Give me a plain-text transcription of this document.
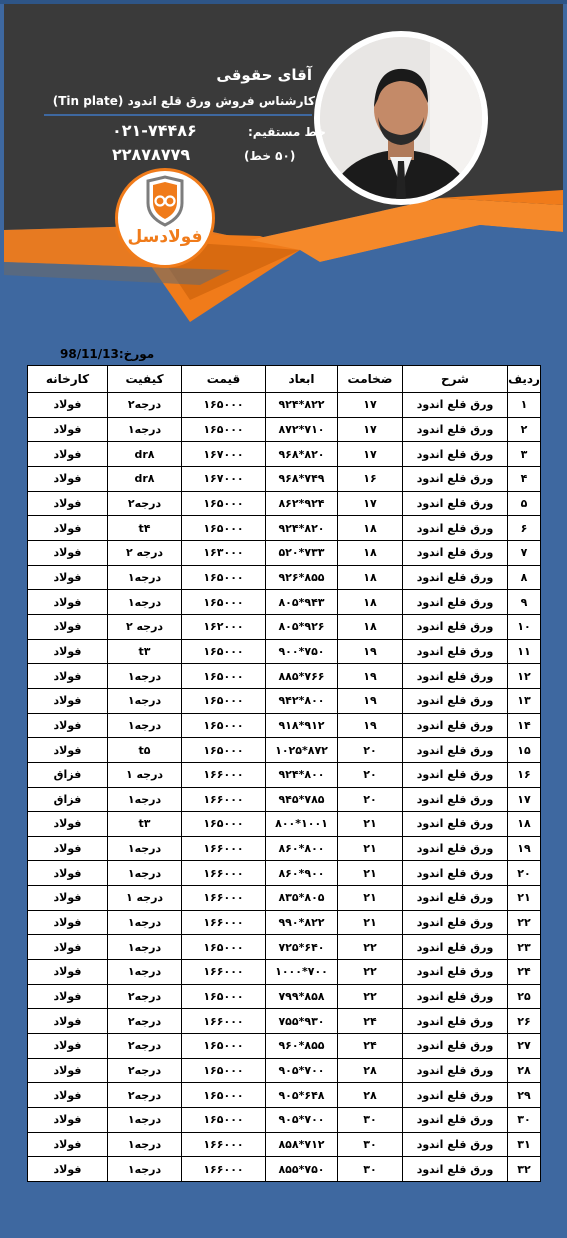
آقای حقوقی
کارشناس فروش ورق قلع اندود (Tin plate)
خط مستقیم:
۰۲۱-۷۴۴۸۶
۲۲۸۷۸۷۷۹	(۵۰ خط)
فولادسل
مورخ:98/11/13
ردیف	شرح	ضخامت	ابعاد	قیمت	کیفیت	کارخانه
۱	ورق قلع اندود	۱۷	۸۲۲*۹۲۴	۱۶۵۰۰۰	درجه۲	فولاد
۲	ورق قلع اندود	۱۷	۷۱۰*۸۷۲	۱۶۵۰۰۰	درجه۱	فولاد
۳	ورق قلع اندود	۱۷	۸۲۰*۹۶۸	۱۶۷۰۰۰	dr۸	فولاد
۴	ورق قلع اندود	۱۶	۷۴۹*۹۶۸	۱۶۷۰۰۰	dr۸	فولاد
۵	ورق قلع اندود	۱۷	۹۲۴*۸۶۲	۱۶۵۰۰۰	درجه۲	فولاد
۶	ورق قلع اندود	۱۸	۸۲۰*۹۲۴	۱۶۵۰۰۰	t۴	فولاد
۷	ورق قلع اندود	۱۸	۷۳۳*۵۲۰	۱۶۳۰۰۰	درجه ۲	فولاد
۸	ورق قلع اندود	۱۸	۸۵۵*۹۲۶	۱۶۵۰۰۰	درجه۱	فولاد
۹	ورق قلع اندود	۱۸	۹۴۳*۸۰۵	۱۶۵۰۰۰	درجه۱	فولاد
۱۰	ورق قلع اندود	۱۸	۹۲۶*۸۰۵	۱۶۲۰۰۰	درجه ۲	فولاد
۱۱	ورق قلع اندود	۱۹	۷۵۰*۹۰۰	۱۶۵۰۰۰	t۳	فولاد
۱۲	ورق قلع اندود	۱۹	۷۶۶*۸۸۵	۱۶۵۰۰۰	درجه۱	فولاد
۱۳	ورق قلع اندود	۱۹	۸۰۰*۹۴۲	۱۶۵۰۰۰	درجه۱	فولاد
۱۴	ورق قلع اندود	۱۹	۹۱۲*۹۱۸	۱۶۵۰۰۰	درجه۱	فولاد
۱۵	ورق قلع اندود	۲۰	۸۷۲*۱۰۲۵	۱۶۵۰۰۰	t۵	فولاد
۱۶	ورق قلع اندود	۲۰	۸۰۰*۹۲۴	۱۶۶۰۰۰	درجه ۱	فزاق
۱۷	ورق قلع اندود	۲۰	۷۸۵*۹۴۵	۱۶۶۰۰۰	درجه۱	فزاق
۱۸	ورق قلع اندود	۲۱	۱۰۰۱*۸۰۰	۱۶۵۰۰۰	t۳	فولاد
۱۹	ورق قلع اندود	۲۱	۸۰۰*۸۶۰	۱۶۶۰۰۰	درجه۱	فولاد
۲۰	ورق قلع اندود	۲۱	۹۰۰*۸۶۰	۱۶۶۰۰۰	درجه۱	فولاد
۲۱	ورق قلع اندود	۲۱	۸۰۵*۸۳۵	۱۶۶۰۰۰	درجه ۱	فولاد
۲۲	ورق قلع اندود	۲۱	۸۲۲*۹۹۰	۱۶۶۰۰۰	درجه۱	فولاد
۲۳	ورق قلع اندود	۲۲	۶۴۰*۷۲۵	۱۶۵۰۰۰	درجه۱	فولاد
۲۴	ورق قلع اندود	۲۲	۷۰۰*۱۰۰۰	۱۶۶۰۰۰	درجه۱	فولاد
۲۵	ورق قلع اندود	۲۲	۸۵۸*۷۹۹	۱۶۵۰۰۰	درجه۲	فولاد
۲۶	ورق قلع اندود	۲۴	۹۳۰*۷۵۵	۱۶۶۰۰۰	درجه۲	فولاد
۲۷	ورق قلع اندود	۲۴	۸۵۵*۹۶۰	۱۶۵۰۰۰	درجه۲	فولاد
۲۸	ورق قلع اندود	۲۸	۷۰۰*۹۰۵	۱۶۵۰۰۰	درجه۲	فولاد
۲۹	ورق قلع اندود	۲۸	۶۴۸*۹۰۵	۱۶۵۰۰۰	درجه۲	فولاد
۳۰	ورق قلع اندود	۳۰	۷۰۰*۹۰۵	۱۶۵۰۰۰	درجه۱	فولاد
۳۱	ورق قلع اندود	۳۰	۷۱۲*۸۵۸	۱۶۶۰۰۰	درجه۱	فولاد
۳۲	ورق قلع اندود	۳۰	۷۵۰*۸۵۵	۱۶۶۰۰۰	درجه۱	فولاد
